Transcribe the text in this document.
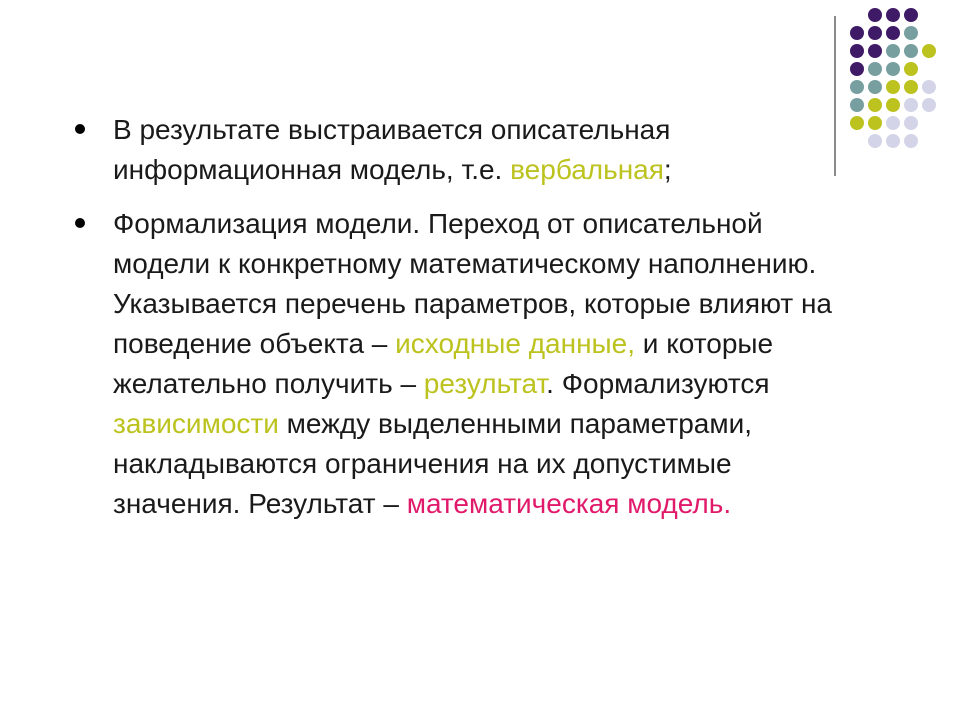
В результате выстраивается описательная информационная модель, т.е. вербальная;
Формализация модели. Переход от описательной модели к конкретному математическому наполнению. Указывается перечень параметров, которые влияют на поведение объекта – исходные данные, и которые желательно получить – результат. Формализуются зависимости между выделенными параметрами, накладываются ограничения на их допустимые значения. Результат – математическая модель.
